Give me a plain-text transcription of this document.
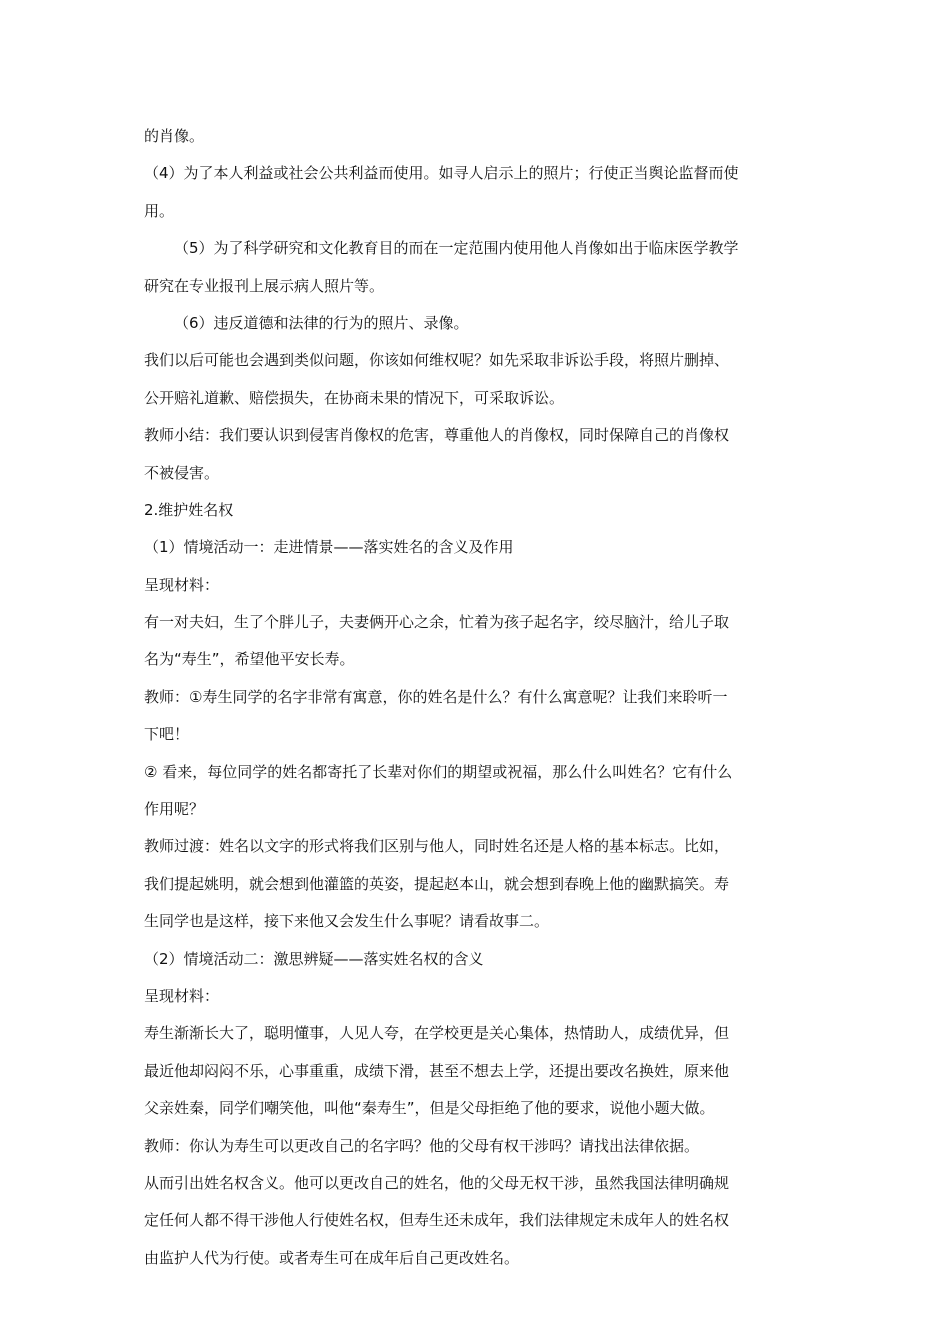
的肖像。
（4）为了本人利益或社会公共利益而使用。如寻人启示上的照片；行使正当舆论监督而使
用。
（5）为了科学研究和文化教育目的而在一定范围内使用他人肖像如出于临床医学教学
研究在专业报刊上展示病人照片等。
（6）违反道德和法律的行为的照片、录像。
我们以后可能也会遇到类似问题，你该如何维权呢？如先采取非诉讼手段，将照片删掉、
公开赔礼道歉、赔偿损失，在协商未果的情况下，可采取诉讼。
教师小结：我们要认识到侵害肖像权的危害，尊重他人的肖像权，同时保障自己的肖像权
不被侵害。
2.维护姓名权
（1）情境活动一：走进情景——落实姓名的含义及作用
呈现材料：
有一对夫妇，生了个胖儿子，夫妻俩开心之余，忙着为孩子起名字，绞尽脑汁，给儿子取
名为“寿生”，希望他平安长寿。
教师：①寿生同学的名字非常有寓意，你的姓名是什么？有什么寓意呢？让我们来聆听一
下吧！
② 看来，每位同学的姓名都寄托了长辈对你们的期望或祝福，那么什么叫姓名？它有什么
作用呢？
教师过渡：姓名以文字的形式将我们区别与他人，同时姓名还是人格的基本标志。比如，
我们提起姚明，就会想到他灌篮的英姿，提起赵本山，就会想到春晚上他的幽默搞笑。寿
生同学也是这样，接下来他又会发生什么事呢？请看故事二。
（2）情境活动二：激思辨疑——落实姓名权的含义
呈现材料：
寿生渐渐长大了，聪明懂事，人见人夸，在学校更是关心集体，热情助人，成绩优异，但
最近他却闷闷不乐，心事重重，成绩下滑，甚至不想去上学，还提出要改名换姓，原来他
父亲姓秦，同学们嘲笑他，叫他“秦寿生”，但是父母拒绝了他的要求，说他小题大做。
教师：你认为寿生可以更改自己的名字吗？他的父母有权干涉吗？请找出法律依据。
从而引出姓名权含义。他可以更改自己的姓名，他的父母无权干涉，虽然我国法律明确规
定任何人都不得干涉他人行使姓名权，但寿生还未成年，我们法律规定未成年人的姓名权
由监护人代为行使。或者寿生可在成年后自己更改姓名。
